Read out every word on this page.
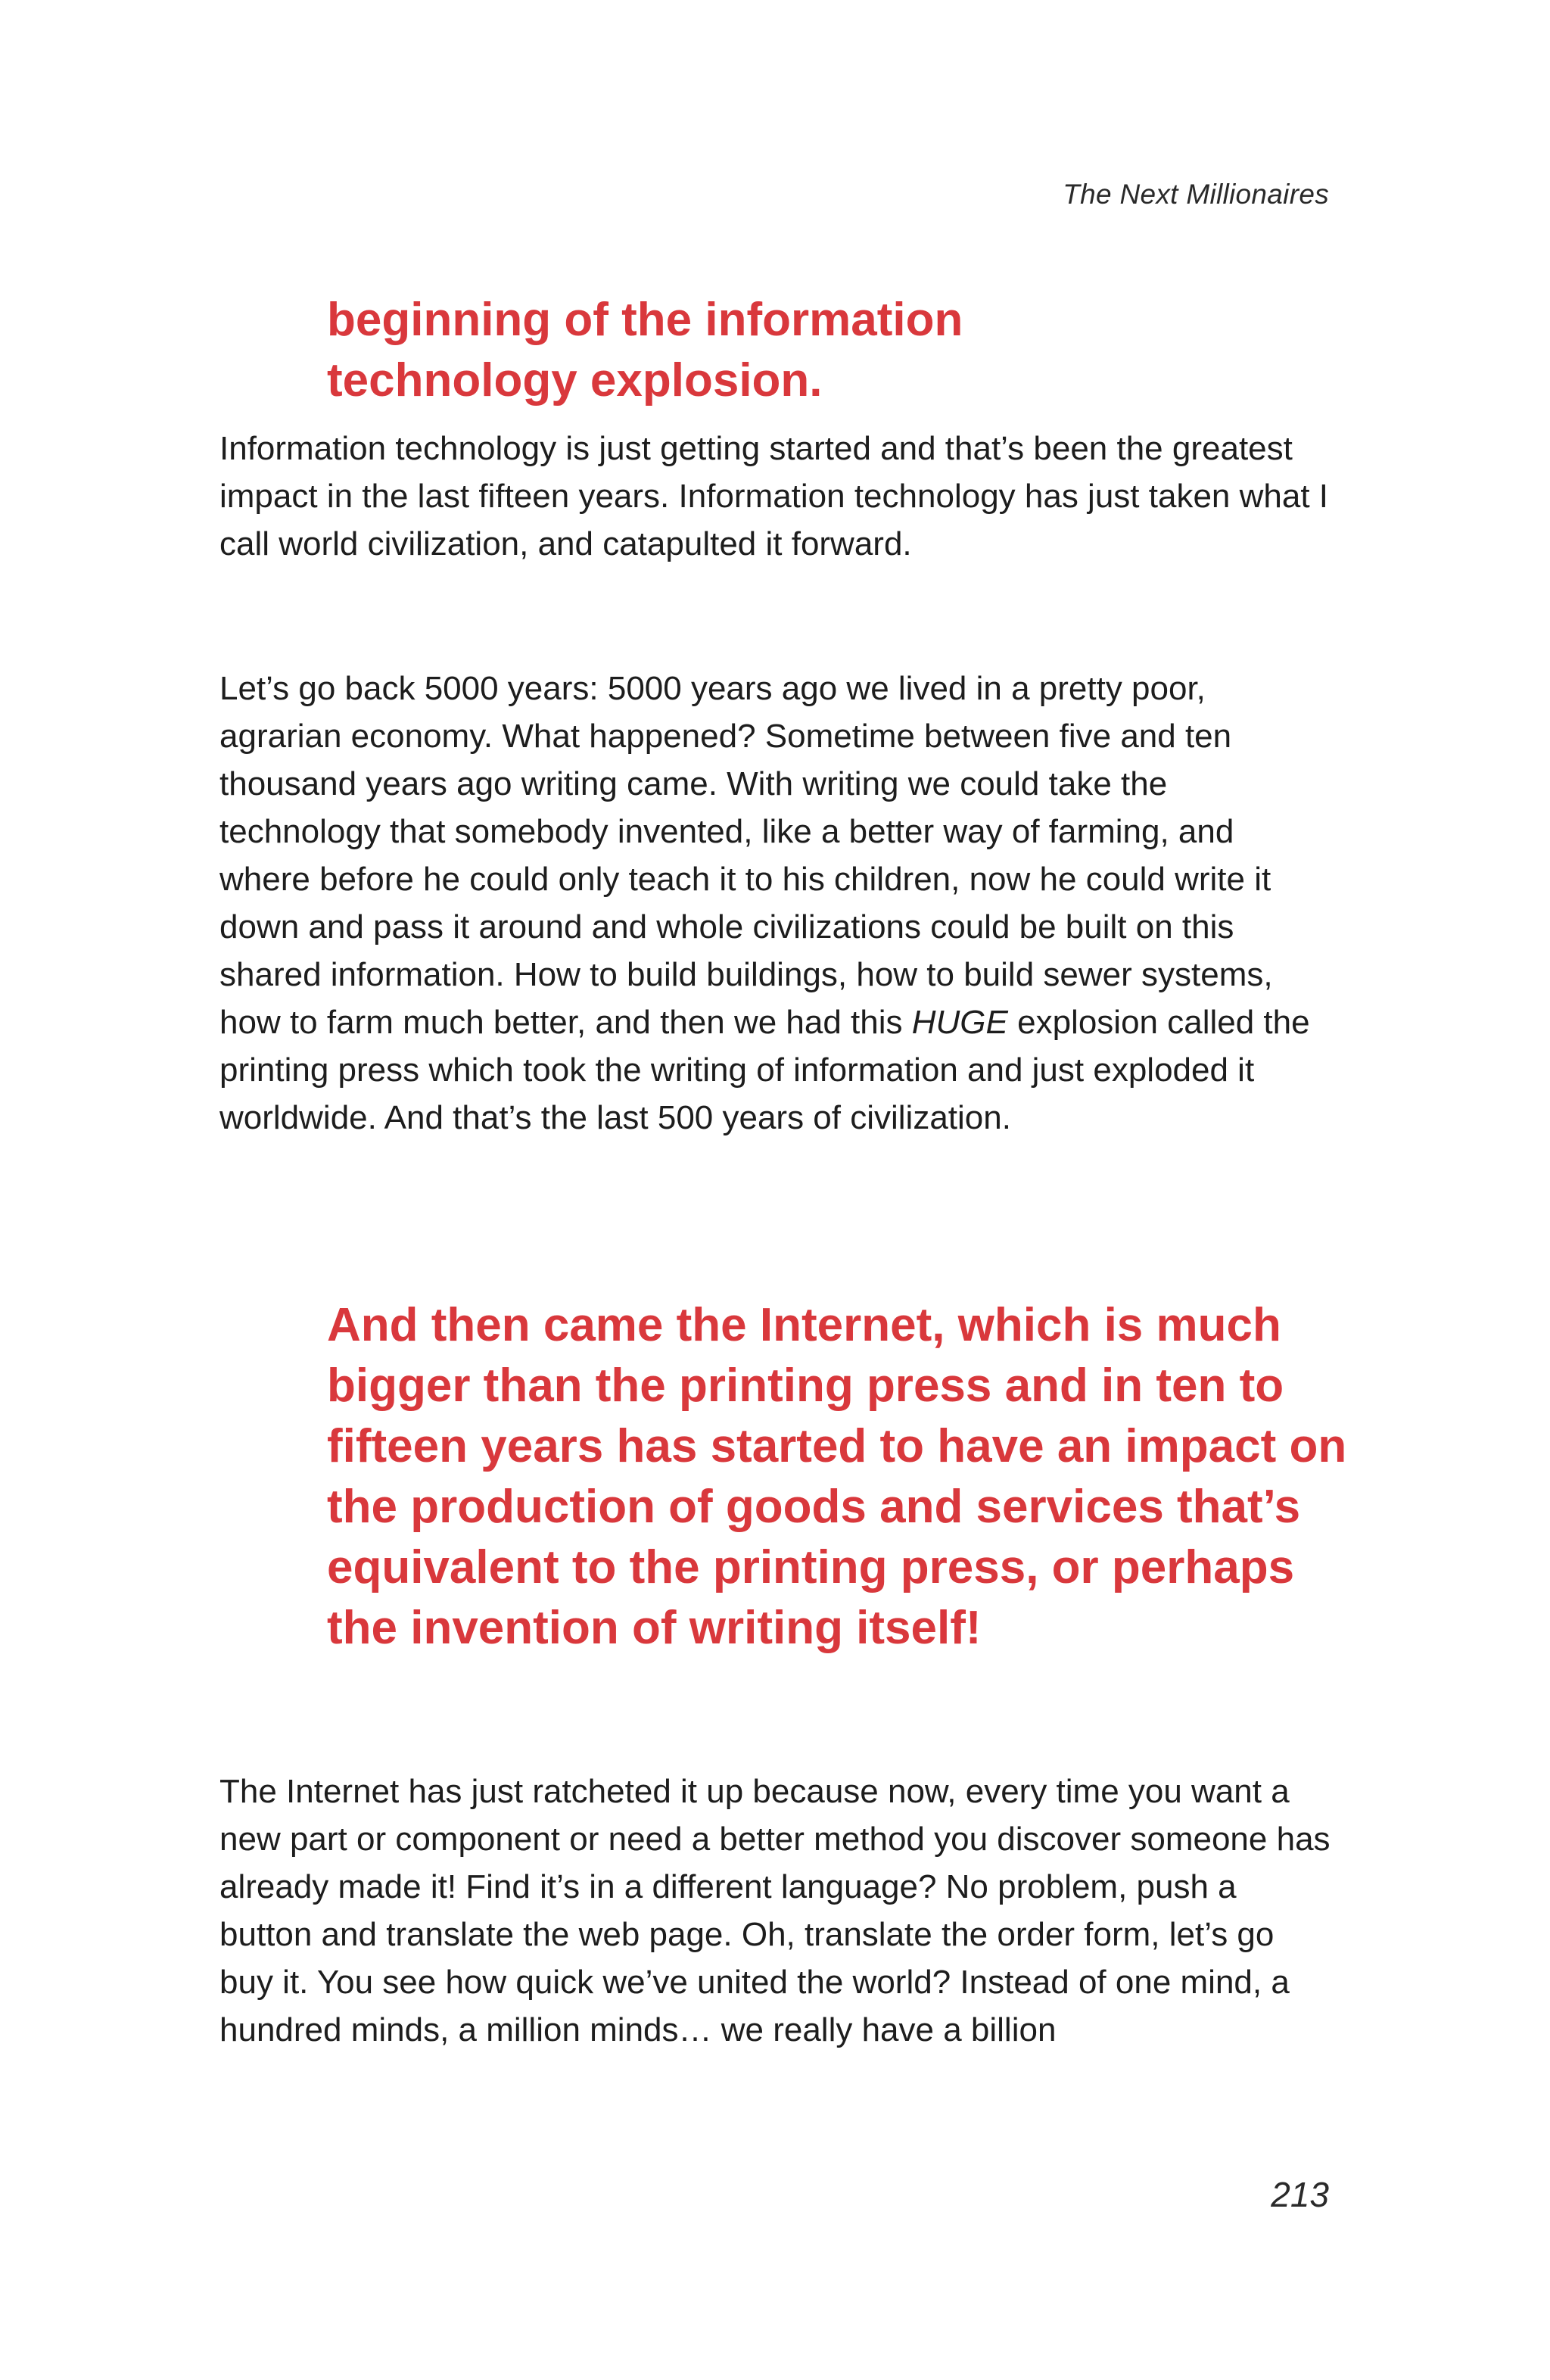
The Next Millionaires
beginning of the information technology explosion.

Information technology is just getting started and that’s been the greatest impact in the last fifteen years. Information technology has just taken what I call world civilization, and catapulted it forward.

Let’s go back 5000 years: 5000 years ago we lived in a pretty poor, agrarian economy. What happened? Sometime between five and ten thousand years ago writing came. With writing we could take the technology that somebody invented, like a better way of farming, and where before he could only teach it to his children, now he could write it down and pass it around and whole civilizations could be built on this shared information. How to build buildings, how to build sewer systems, how to farm much better, and then we had this HUGE explosion called the printing press which took the writing of information and just exploded it worldwide. And that’s the last 500 years of civilization.

And then came the Internet, which is much bigger than the printing press and in ten to fifteen years has started to have an impact on the production of goods and services that’s equivalent to the printing press, or perhaps the invention of writing itself!

The Internet has just ratcheted it up because now, every time you want a new part or component or need a better method you discover someone has already made it! Find it’s in a different language? No problem, push a button and translate the web page. Oh, translate the order form, let’s go buy it. You see how quick we’ve united the world? Instead of one mind, a hundred minds, a million minds… we really have a billion

213
